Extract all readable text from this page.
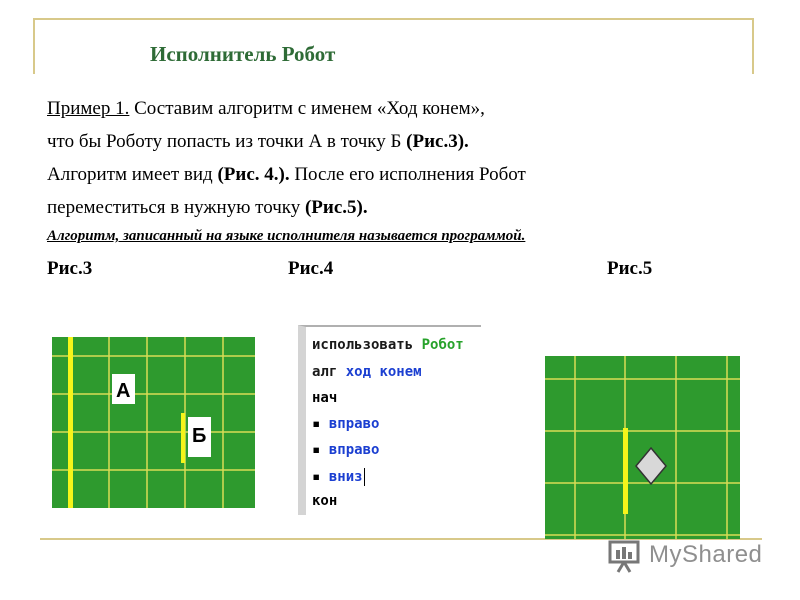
Исполнитель Робот
Пример 1. Составим алгоритм с именем «Ход конем»,
что бы Роботу попасть из точки А в точку Б (Рис.3).
Алгоритм имеет вид (Рис. 4.). После его исполнения Робот
переместиться в нужную точку (Рис.5).
Алгоритм, записанный на языке исполнителя называется программой.
Рис.3	Рис.4	Рис.5
А
Б
использовать Робот
алг ход конем
нач
▪ вправо
▪ вправо
▪ вниз
кон
MyShared
